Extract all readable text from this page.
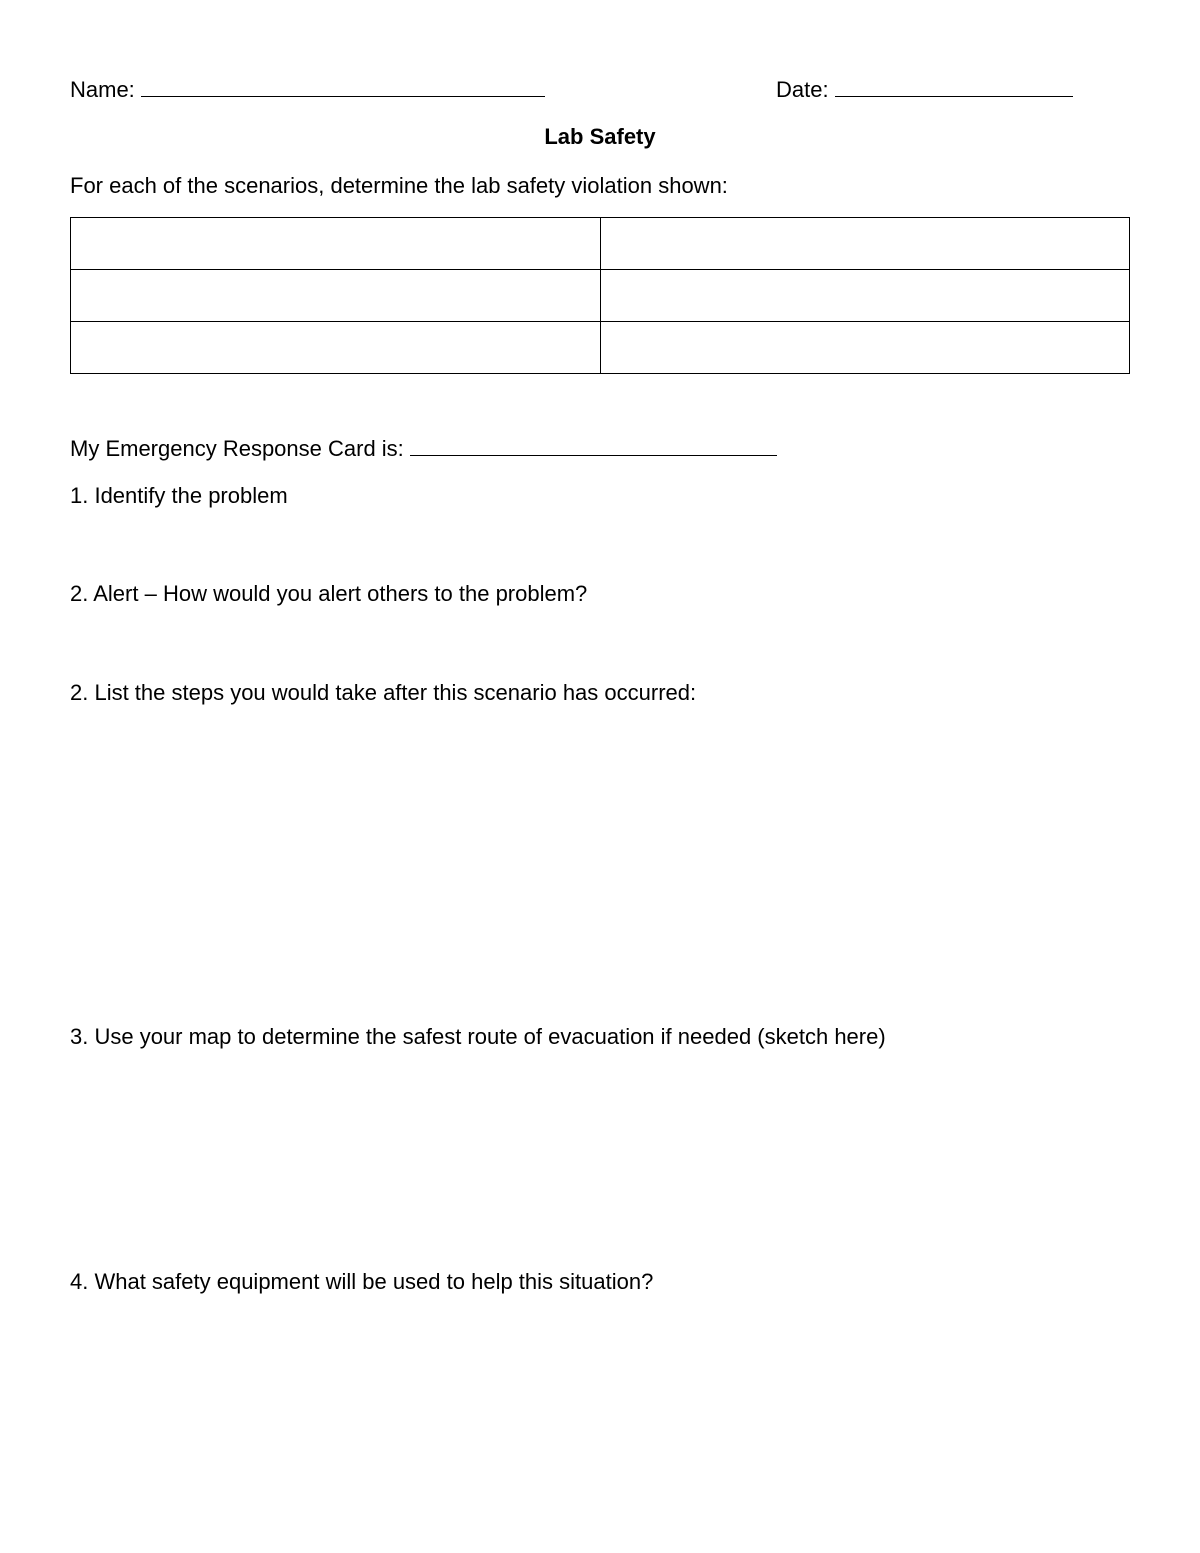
Name:	Date:
Lab Safety
For each of the scenarios, determine the lab safety violation shown:

My Emergency Response Card is:
1. Identify the problem
2. Alert – How would you alert others to the problem?
2. List the steps you would take after this scenario has occurred:
3. Use your map to determine the safest route of evacuation if needed (sketch here)
4. What safety equipment will be used to help this situation?
